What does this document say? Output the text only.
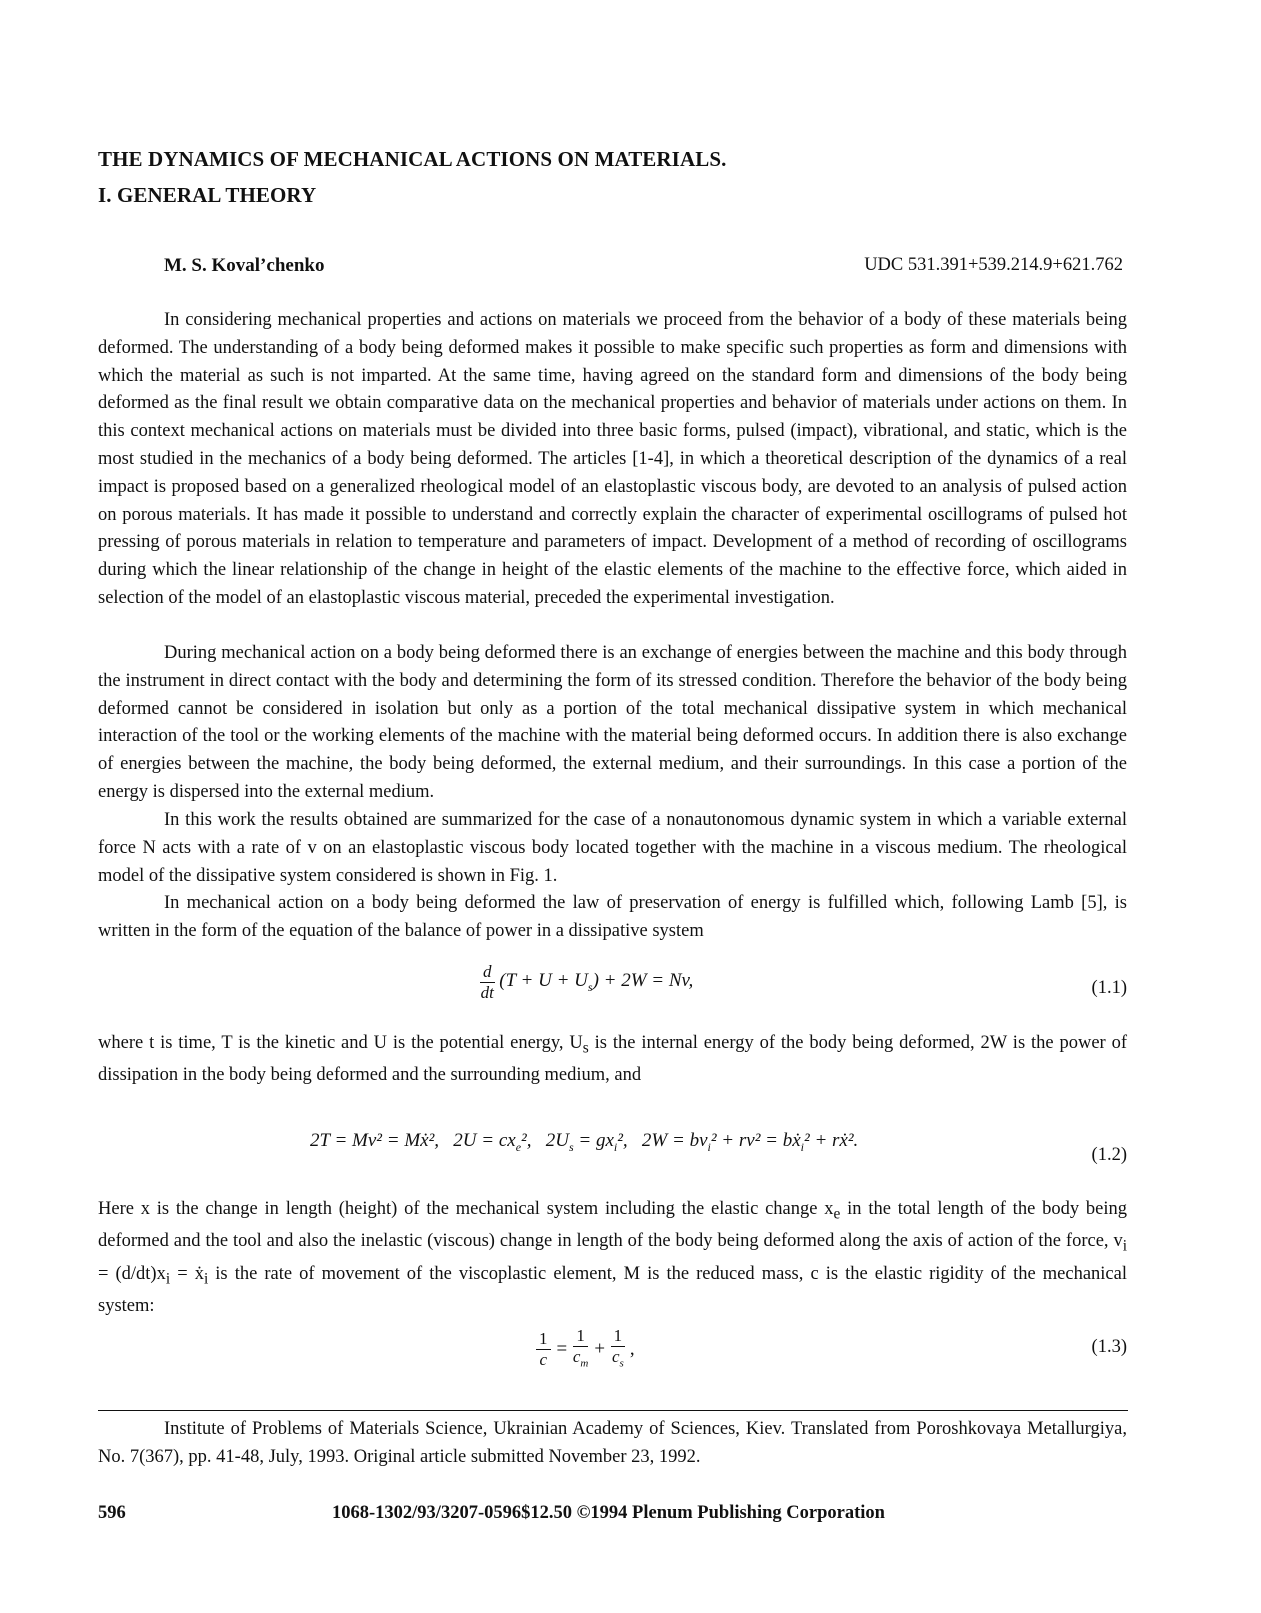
THE DYNAMICS OF MECHANICAL ACTIONS ON MATERIALS.
I. GENERAL THEORY
M. S. Koval’chenko	UDC 531.391+539.214.9+621.762

In considering mechanical properties and actions on materials we proceed from the behavior of a body of these materials being deformed. The understanding of a body being deformed makes it possible to make specific such properties as form and dimensions with which the material as such is not imparted. At the same time, having agreed on the standard form and dimensions of the body being deformed as the final result we obtain comparative data on the mechanical properties and behavior of materials under actions on them. In this context mechanical actions on materials must be divided into three basic forms, pulsed (impact), vibrational, and static, which is the most studied in the mechanics of a body being deformed. The articles [1-4], in which a theoretical description of the dynamics of a real impact is proposed based on a generalized rheological model of an elastoplastic viscous body, are devoted to an analysis of pulsed action on porous materials. It has made it possible to understand and correctly explain the character of experimental oscillograms of pulsed hot pressing of porous materials in relation to temperature and parameters of impact. Development of a method of recording of oscillograms during which the linear relationship of the change in height of the elastic elements of the machine to the effective force, which aided in selection of the model of an elastoplastic viscous material, preceded the experimental investigation.

During mechanical action on a body being deformed there is an exchange of energies between the machine and this body through the instrument in direct contact with the body and determining the form of its stressed condition. Therefore the behavior of the body being deformed cannot be considered in isolation but only as a portion of the total mechanical dissipative system in which mechanical interaction of the tool or the working elements of the machine with the material being deformed occurs. In addition there is also exchange of energies between the machine, the body being deformed, the external medium, and their surroundings. In this case a portion of the energy is dispersed into the external medium.

In this work the results obtained are summarized for the case of a nonautonomous dynamic system in which a variable external force N acts with a rate of v on an elastoplastic viscous body located together with the machine in a viscous medium. The rheological model of the dissipative system considered is shown in Fig. 1.

In mechanical action on a body being deformed the law of preservation of energy is fulfilled which, following Lamb [5], is written in the form of the equation of the balance of power in a dissipative system

$\frac{d}{dt} (T + U + U_s) + 2W = Nv$,	(1.1)

where t is time, T is the kinetic and U is the potential energy, $U_s$ is the internal energy of the body being deformed, 2W is the power of dissipation in the body being deformed and the surrounding medium, and

2T = Mv² = Mẋ²,   $2U = cx_e^2$,   $2U_s = gx_i^2$,   $2W = bv_i^2 + rv^2$ = bẋ$_i$² + rẋ².
(1.2)

Here x is the change in length (height) of the mechanical system including the elastic change $x_e$ in the total length of the body being deformed and the tool and also the inelastic (viscous) change in length of the body being deformed along the axis of action of the force, $v_i = (d/dt)x_i$ = ẋ$_i$ is the rate of movement of the viscoplastic element, M is the reduced mass, c is the elastic rigidity of the mechanical system:

$\frac{1}{c} = \frac{1}{c_m} + \frac{1}{c_s}$ ,	(1.3)

Institute of Problems of Materials Science, Ukrainian Academy of Sciences, Kiev. Translated from Poroshkovaya Metallurgiya, No. 7(367), pp. 41-48, July, 1993. Original article submitted November 23, 1992.

596	1068-1302/93/3207-0596$12.50 ©1994 Plenum Publishing Corporation
